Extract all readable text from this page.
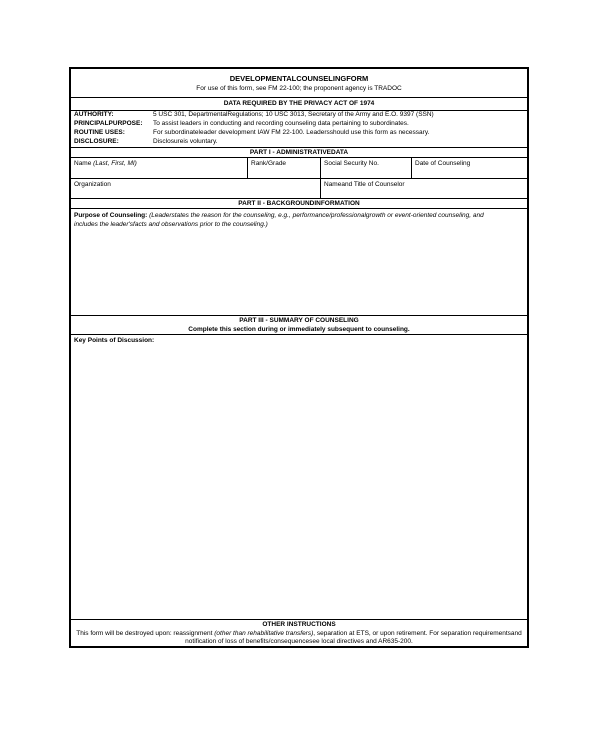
DEVELOPMENTALCOUNSELINGFORM
For use of this form, see FM 22-100; the proponent agency is TRADOC
DATA REQUIRED BY THE PRIVACY ACT OF 1974
AUTHORITY:	5 USC 301, DepartmentalRegulations; 10 USC 3013, Secretary of the Army and E.O. 9397 (SSN)
PRINCIPALPURPOSE: To assist leaders in conducting and recording counseling data pertaining to subordinates.
ROUTINE USES:	For subordinateleader development IAW FM 22-100. Leadersshould use this form as necessary.
DISCLOSURE:	Disclosureis voluntary.
PART I - ADMINISTRATIVEDATA
Name (Last, First, MI)	Rank/Grade	Social Security No.	Date of Counseling
Organization	Nameand Title of Counselor
PART II - BACKGROUNDINFORMATION
Purpose of Counseling: (Leaderstates the reason for the counseling, e.g., performance/professionalgrowth or event-oriented counseling, and includes the leader'sfacts and observations prior to the counseling.)
PART III - SUMMARY OF COUNSELING
Complete this section during or immediately subsequent to counseling.
Key Points of Discussion:
OTHER INSTRUCTIONS
This form will be destroyed upon: reassignment (other than rehabilitative transfers), separation at ETS, or upon retirement. For separation requirementsand notification of loss of benefits/consequencesee local directives and AR635-200.
